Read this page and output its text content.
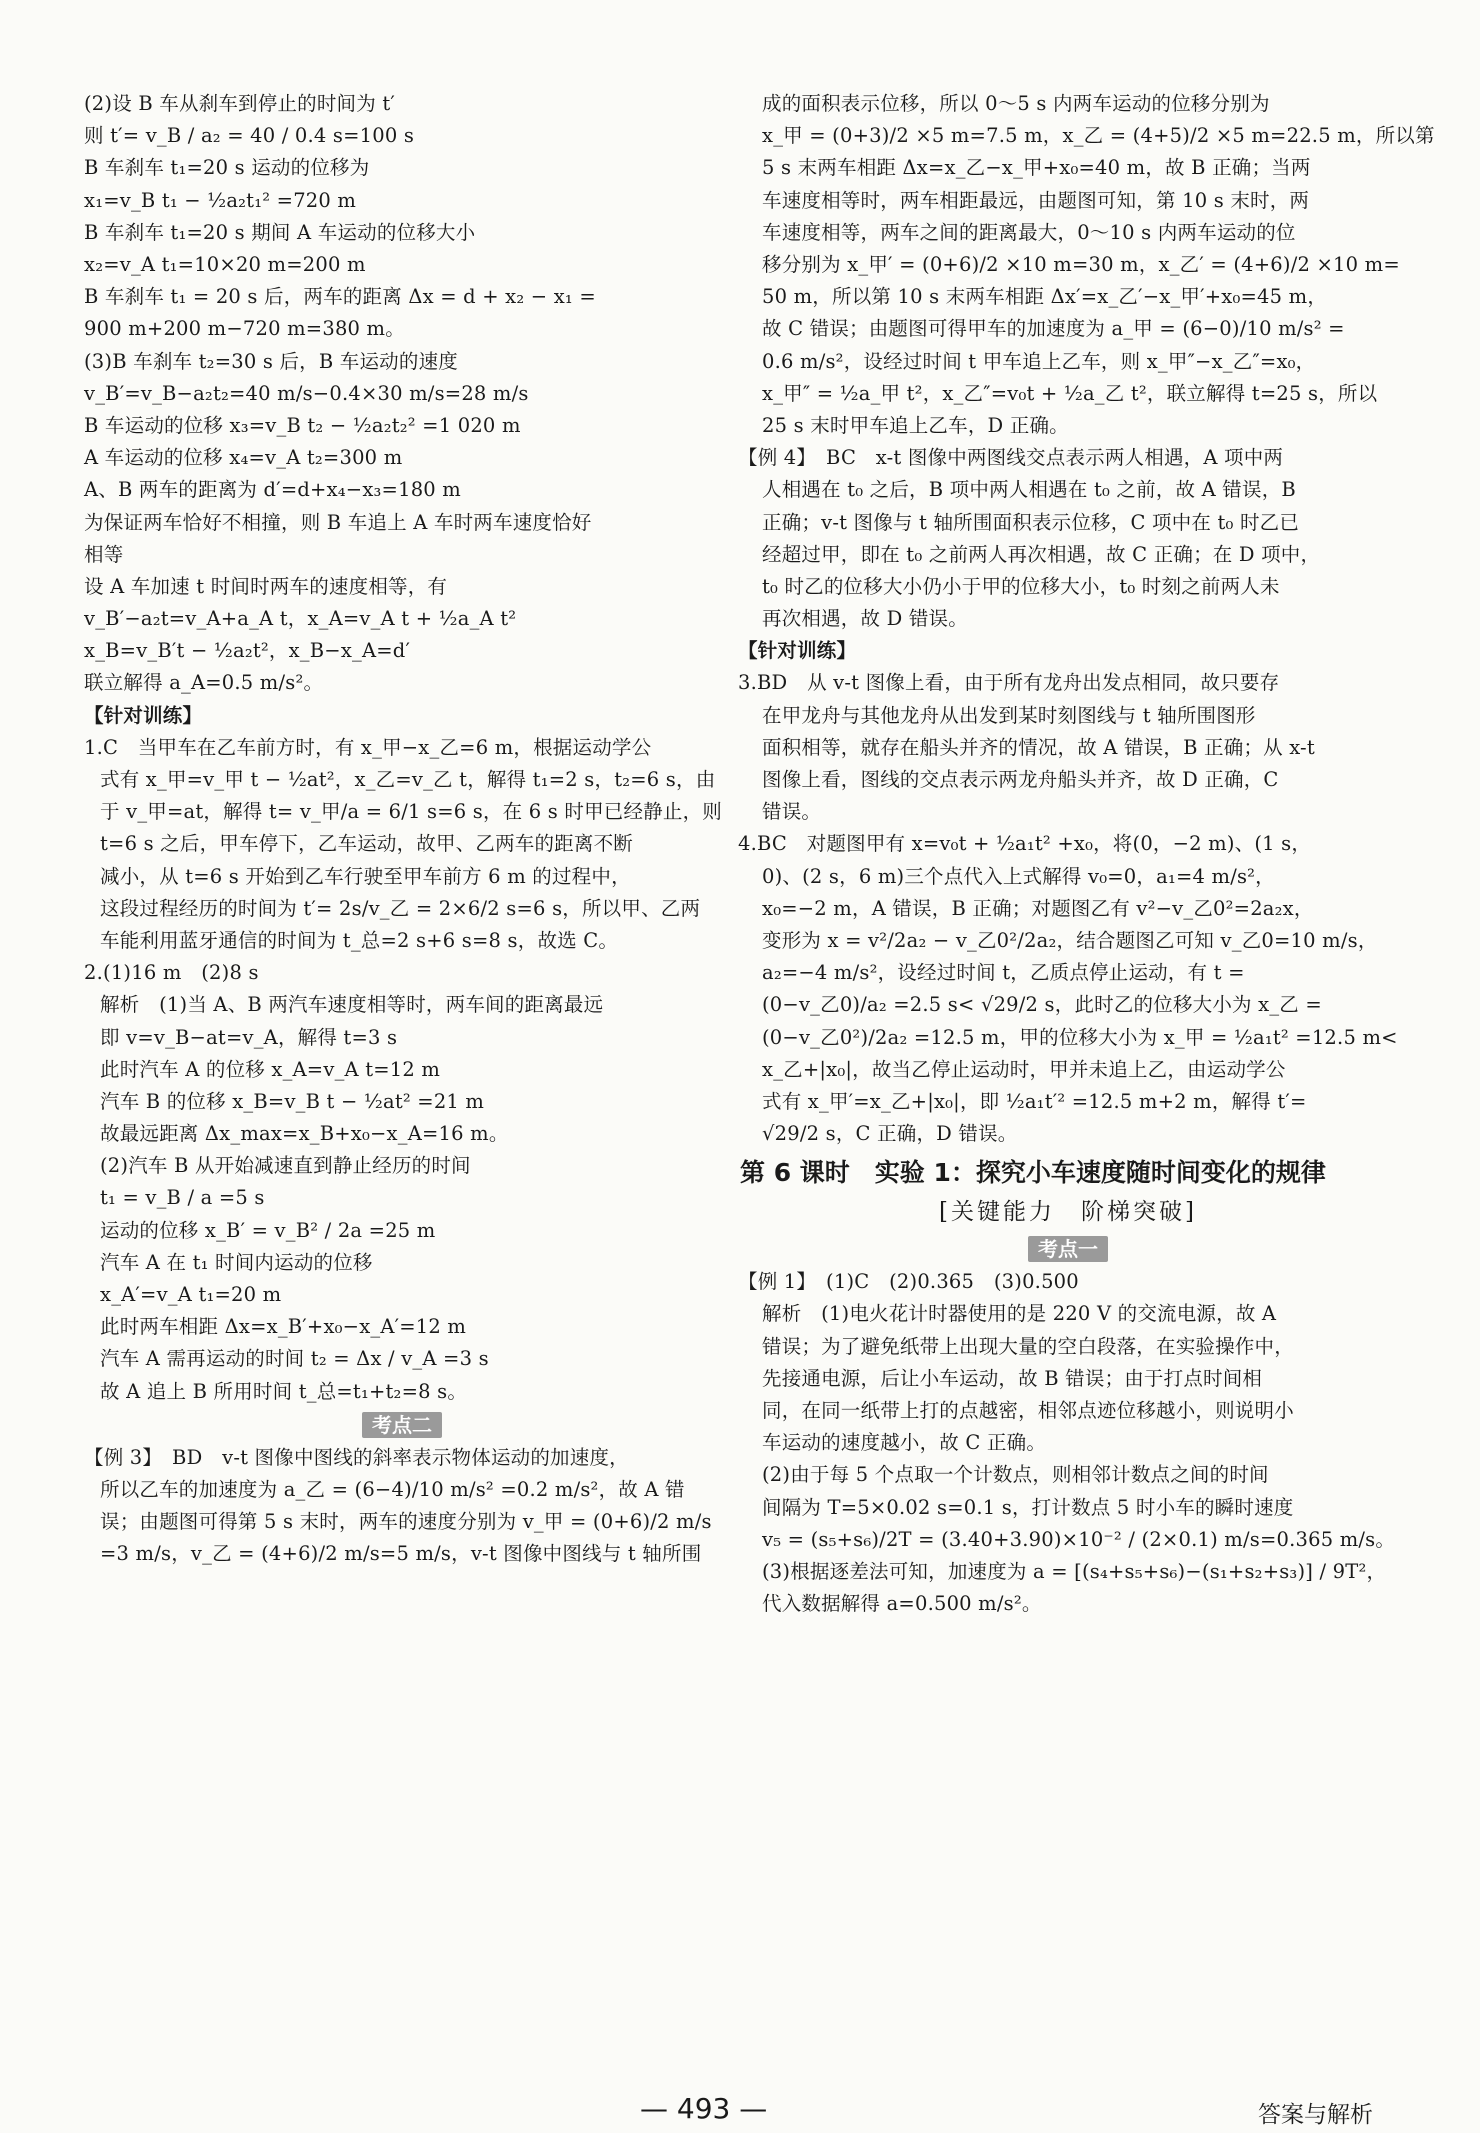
(2)设 B 车从刹车到停止的时间为 t′
则 t′= v_B / a₂ = 40 / 0.4 s=100 s
B 车刹车 t₁=20 s 运动的位移为
x₁=v_B t₁ − ½a₂t₁² =720 m
B 车刹车 t₁=20 s 期间 A 车运动的位移大小
x₂=v_A t₁=10×20 m=200 m
B 车刹车 t₁ = 20 s 后，两车的距离 Δx = d + x₂ − x₁ =
900 m+200 m−720 m=380 m。
(3)B 车刹车 t₂=30 s 后，B 车运动的速度
v_B′=v_B−a₂t₂=40 m/s−0.4×30 m/s=28 m/s
B 车运动的位移 x₃=v_B t₂ − ½a₂t₂² =1 020 m
A 车运动的位移 x₄=v_A t₂=300 m
A、B 两车的距离为 d′=d+x₄−x₃=180 m
为保证两车恰好不相撞，则 B 车追上 A 车时两车速度恰好
相等
设 A 车加速 t 时间时两车的速度相等，有
v_B′−a₂t=v_A+a_A t，x_A=v_A t + ½a_A t²
x_B=v_B′t − ½a₂t²，x_B−x_A=d′
联立解得 a_A=0.5 m/s²。
【针对训练】
1.C　当甲车在乙车前方时，有 x_甲−x_乙=6 m，根据运动学公
式有 x_甲=v_甲 t − ½at²，x_乙=v_乙 t，解得 t₁=2 s，t₂=6 s，由
于 v_甲=at，解得 t= v_甲/a = 6/1 s=6 s，在 6 s 时甲已经静止，则
t=6 s 之后，甲车停下，乙车运动，故甲、乙两车的距离不断
减小，从 t=6 s 开始到乙车行驶至甲车前方 6 m 的过程中，
这段过程经历的时间为 t′= 2s/v_乙 = 2×6/2 s=6 s，所以甲、乙两
车能利用蓝牙通信的时间为 t_总=2 s+6 s=8 s，故选 C。
2.(1)16 m　(2)8 s
解析　(1)当 A、B 两汽车速度相等时，两车间的距离最远
即 v=v_B−at=v_A，解得 t=3 s
此时汽车 A 的位移 x_A=v_A t=12 m
汽车 B 的位移 x_B=v_B t − ½at² =21 m
故最远距离 Δx_max=x_B+x₀−x_A=16 m。
(2)汽车 B 从开始减速直到静止经历的时间
t₁ = v_B / a =5 s
运动的位移 x_B′ = v_B² / 2a =25 m
汽车 A 在 t₁ 时间内运动的位移
x_A′=v_A t₁=20 m
此时两车相距 Δx=x_B′+x₀−x_A′=12 m
汽车 A 需再运动的时间 t₂ = Δx / v_A =3 s
故 A 追上 B 所用时间 t_总=t₁+t₂=8 s。
考点二
【例 3】　BD　v-t 图像中图线的斜率表示物体运动的加速度，
所以乙车的加速度为 a_乙 = (6−4)/10 m/s² =0.2 m/s²，故 A 错
误；由题图可得第 5 s 末时，两车的速度分别为 v_甲 = (0+6)/2 m/s
=3 m/s，v_乙 = (4+6)/2 m/s=5 m/s，v-t 图像中图线与 t 轴所围
成的面积表示位移，所以 0～5 s 内两车运动的位移分别为
x_甲 = (0+3)/2 ×5 m=7.5 m，x_乙 = (4+5)/2 ×5 m=22.5 m，所以第
5 s 末两车相距 Δx=x_乙−x_甲+x₀=40 m，故 B 正确；当两
车速度相等时，两车相距最远，由题图可知，第 10 s 末时，两
车速度相等，两车之间的距离最大，0～10 s 内两车运动的位
移分别为 x_甲′ = (0+6)/2 ×10 m=30 m，x_乙′ = (4+6)/2 ×10 m=
50 m，所以第 10 s 末两车相距 Δx′=x_乙′−x_甲′+x₀=45 m，
故 C 错误；由题图可得甲车的加速度为 a_甲 = (6−0)/10 m/s² =
0.6 m/s²，设经过时间 t 甲车追上乙车，则 x_甲″−x_乙″=x₀，
x_甲″ = ½a_甲 t²，x_乙″=v₀t + ½a_乙 t²，联立解得 t=25 s，所以
25 s 末时甲车追上乙车，D 正确。
【例 4】　BC　x-t 图像中两图线交点表示两人相遇，A 项中两
人相遇在 t₀ 之后，B 项中两人相遇在 t₀ 之前，故 A 错误，B
正确；v-t 图像与 t 轴所围面积表示位移，C 项中在 t₀ 时乙已
经超过甲，即在 t₀ 之前两人再次相遇，故 C 正确；在 D 项中，
t₀ 时乙的位移大小仍小于甲的位移大小，t₀ 时刻之前两人未
再次相遇，故 D 错误。
【针对训练】
3.BD　从 v-t 图像上看，由于所有龙舟出发点相同，故只要存
在甲龙舟与其他龙舟从出发到某时刻图线与 t 轴所围图形
面积相等，就存在船头并齐的情况，故 A 错误，B 正确；从 x-t
图像上看，图线的交点表示两龙舟船头并齐，故 D 正确，C
错误。
4.BC　对题图甲有 x=v₀t + ½a₁t² +x₀，将(0，−2 m)、(1 s，
0)、(2 s，6 m)三个点代入上式解得 v₀=0，a₁=4 m/s²，
x₀=−2 m，A 错误，B 正确；对题图乙有 v²−v_乙0²=2a₂x，
变形为 x = v²/2a₂ − v_乙0²/2a₂，结合题图乙可知 v_乙0=10 m/s，
a₂=−4 m/s²，设经过时间 t，乙质点停止运动，有 t =
(0−v_乙0)/a₂ =2.5 s< √29/2 s，此时乙的位移大小为 x_乙 =
(0−v_乙0²)/2a₂ =12.5 m，甲的位移大小为 x_甲 = ½a₁t² =12.5 m<
x_乙+|x₀|，故当乙停止运动时，甲并未追上乙，由运动学公
式有 x_甲′=x_乙+|x₀|，即 ½a₁t′² =12.5 m+2 m，解得 t′=
√29/2 s，C 正确，D 错误。
第 6 课时　实验 1：探究小车速度随时间变化的规律
[关键能力　阶梯突破]
考点一
【例 1】　(1)C　(2)0.365　(3)0.500
解析　(1)电火花计时器使用的是 220 V 的交流电源，故 A
错误；为了避免纸带上出现大量的空白段落，在实验操作中，
先接通电源，后让小车运动，故 B 错误；由于打点时间相
同，在同一纸带上打的点越密，相邻点迹位移越小，则说明小
车运动的速度越小，故 C 正确。
(2)由于每 5 个点取一个计数点，则相邻计数点之间的时间
间隔为 T=5×0.02 s=0.1 s，打计数点 5 时小车的瞬时速度
v₅ = (s₅+s₆)/2T = (3.40+3.90)×10⁻² / (2×0.1) m/s=0.365 m/s。
(3)根据逐差法可知，加速度为 a = [(s₄+s₅+s₆)−(s₁+s₂+s₃)] / 9T²，
代入数据解得 a=0.500 m/s²。
— 493 —	答案与解析
